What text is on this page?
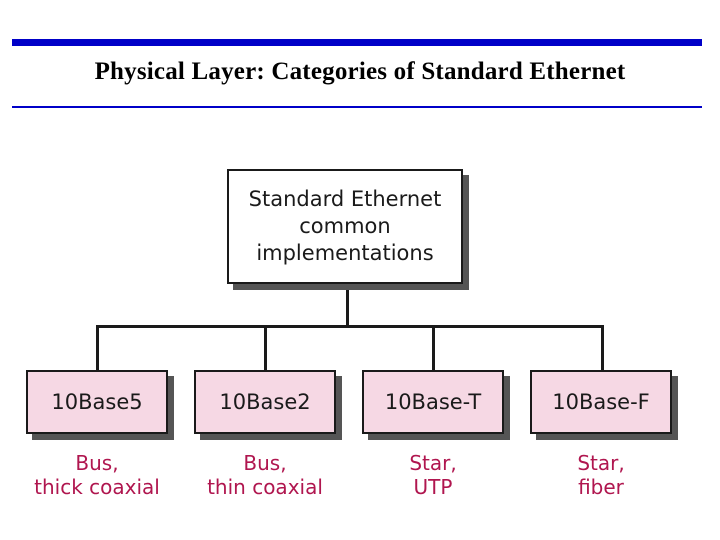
Physical Layer: Categories of Standard Ethernet
Standard Ethernet
common
implementations
10Base5	10Base2	10Base-T	10Base-F
Bus,
thick coaxial
Bus,
thin coaxial
Star,
UTP
Star,
fiber
